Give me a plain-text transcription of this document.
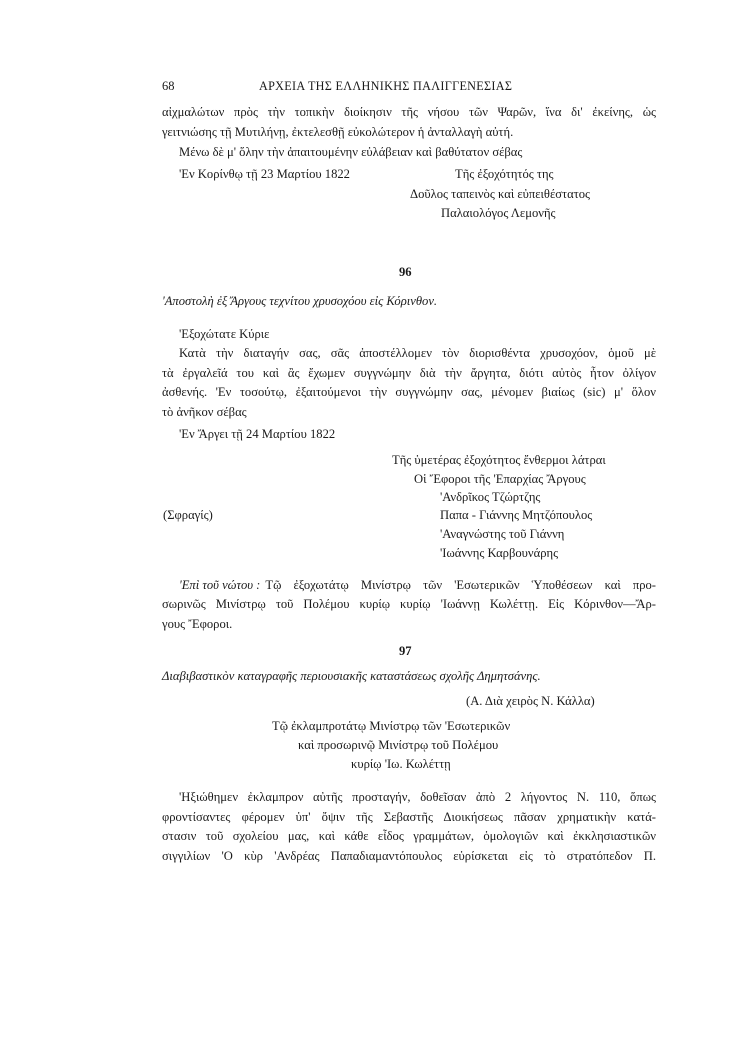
68	ΑΡΧΕΙΑ ΤΗΣ ΕΛΛΗΝΙΚΗΣ ΠΑΛΙΓΓΕΝΕΣΙΑΣ
αἰχμαλώτων πρὸς τὴν τοπικὴν διοίκησιν τῆς νήσου τῶν Ψαρῶν, ἵνα δι' ἐκείνης, ὡς
γειτνιώσης τῇ Μυτιλήνῃ, ἐκτελεσθῇ εὐκολώτερον ἡ ἀνταλλαγὴ αὐτή.
Μένω δὲ μ' ὅλην τὴν ἀπαιτουμένην εὐλάβειαν καὶ βαθύτατον σέβας
'Εν Κορίνθῳ τῇ 23 Μαρτίου 1822	Τῆς ἐξοχότητός της
Δοῦλος ταπεινὸς καὶ εὐπειθέστατος
Παλαιολόγος Λεμονῆς
96
'Αποστολὴ ἐξ Ἄργους τεχνίτου χρυσοχόου εἰς Κόρινθον.
'Εξοχώτατε Κύριε
Κατὰ τὴν διαταγήν σας, σᾶς ἀποστέλλομεν τὸν διορισθέντα χρυσοχόον, ὁμοῦ μὲ
τὰ ἐργαλεῖά του καὶ ἂς ἔχωμεν συγγνώμην διὰ τὴν ἄργητα, διότι αὐτὸς ἦτον ὀλίγον
ἀσθενής. 'Εν τοσούτῳ, ἐξαιτούμενοι τὴν συγγνώμην σας, μένομεν βιαίως (sic) μ' ὅλον
τὸ ἀνῆκον σέβας
'Εν Ἄργει τῇ 24 Μαρτίου 1822
Τῆς ὑμετέρας ἐξοχότητος ἔνθερμοι λάτραι
Οἱ Ἔφοροι τῆς 'Επαρχίας Ἄργους
'Ανδρῖκος Τζώρτζης
(Σφραγίς)	Παπα - Γιάννης Μητζόπουλος
'Αναγνώστης τοῦ Γιάννη
'Ιωάννης Καρβουνάρης
'Επὶ τοῦ νώτου : Τῷ ἐξοχωτάτῳ Μινίστρῳ τῶν 'Εσωτερικῶν Ὑποθέσεων καὶ προ-
σωρινῶς Μινίστρῳ τοῦ Πολέμου κυρίῳ κυρίῳ 'Ιωάννῃ Κωλέττῃ. Εἰς Κόρινθον—Ἄρ-
γους Ἔφοροι.
97
Διαβιβαστικὸν καταγραφῆς περιουσιακῆς καταστάσεως σχολῆς Δημητσάνης.
(Α. Διὰ χειρὸς Ν. Κάλλα)
Τῷ ἐκλαμπροτάτῳ Μινίστρῳ τῶν 'Εσωτερικῶν
καὶ προσωρινῷ Μινίστρῳ τοῦ Πολέμου
κυρίῳ 'Ιω. Κωλέττῃ
'Ηξιώθημεν ἐκλαμπρον αὐτῆς προσταγήν, δοθεῖσαν ἀπὸ 2 λήγοντος Ν. 110, ὅπως
φροντίσαντες φέρομεν ὑπ' ὄψιν τῆς Σεβαστῆς Διοικήσεως πᾶσαν χρηματικὴν κατά-
στασιν τοῦ σχολείου μας, καὶ κάθε εἶδος γραμμάτων, ὁμολογιῶν καὶ ἐκκλησιαστικῶν
σιγγιλίων 'Ο κὺρ 'Ανδρέας Παπαδιαμαντόπουλος εὑρίσκεται εἰς τὸ στρατόπεδον Π.
